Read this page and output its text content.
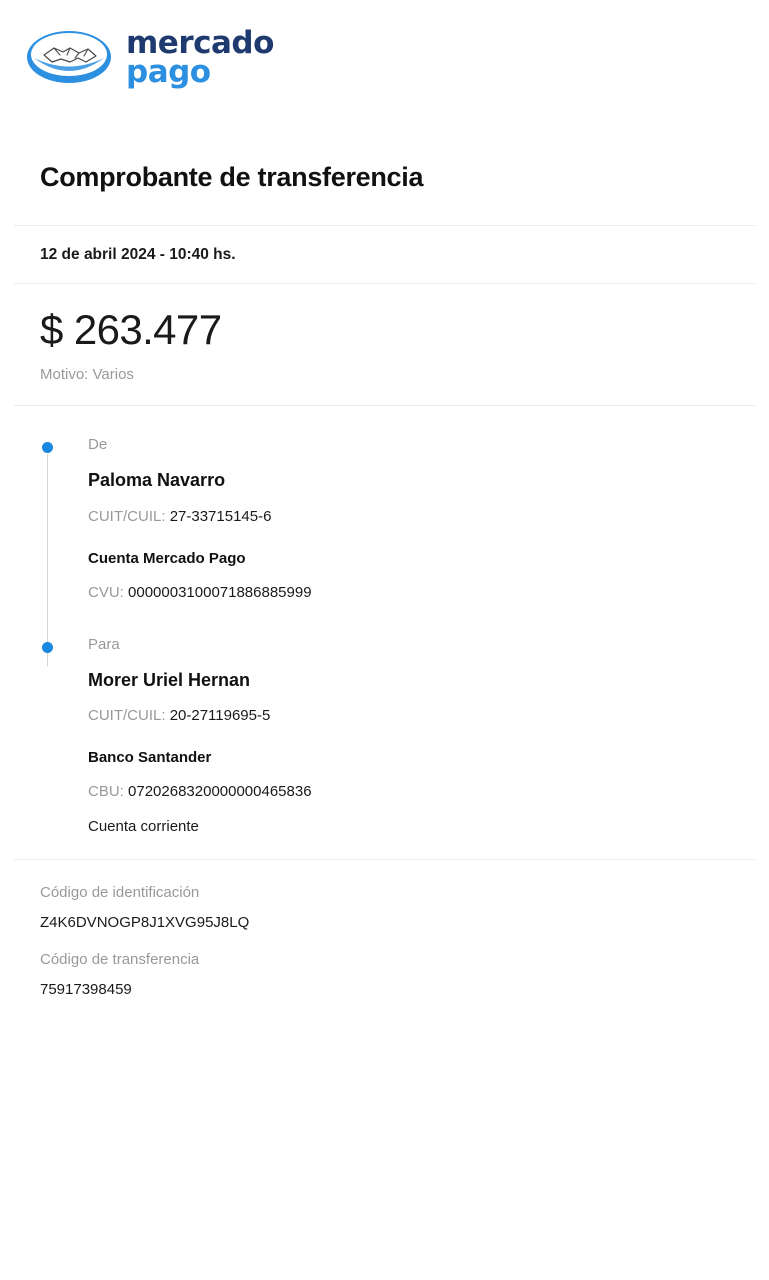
mercado
pago
Comprobante de transferencia
12 de abril 2024 - 10:40 hs.
$ 263.477
Motivo: Varios
De
Paloma Navarro
CUIT/CUIL: 27-33715145-6
Cuenta Mercado Pago
CVU: 0000003100071886885999
Para
Morer Uriel Hernan
CUIT/CUIL: 20-27119695-5
Banco Santander
CBU: 0720268320000000465836
Cuenta corriente
Código de identificación
Z4K6DVNOGP8J1XVG95J8LQ
Código de transferencia
75917398459
